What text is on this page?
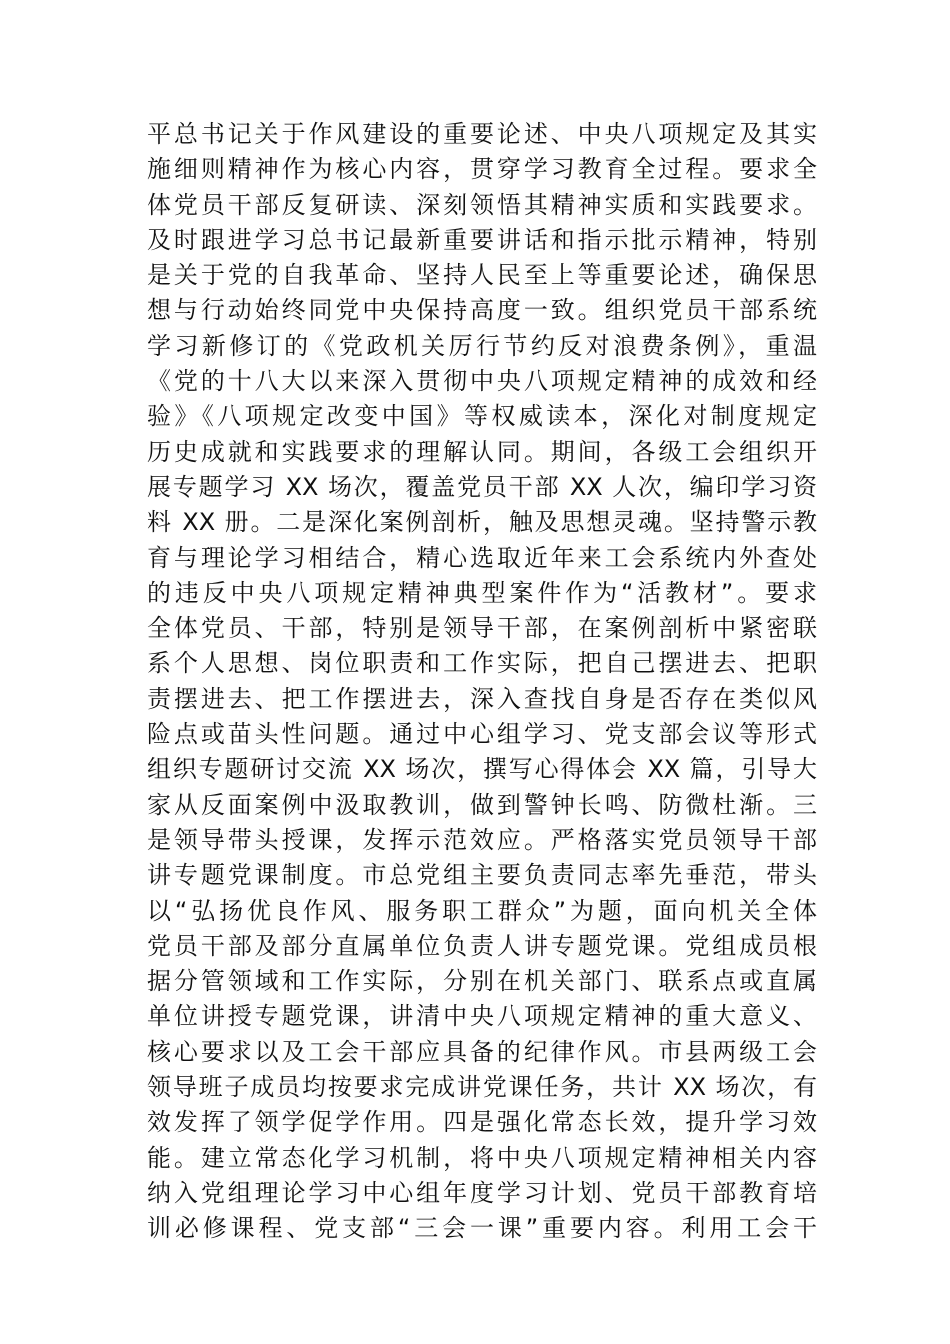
平总书记关于作风建设的重要论述、中央八项规定及其实
施细则精神作为核心内容，贯穿学习教育全过程。要求全
体党员干部反复研读、深刻领悟其精神实质和实践要求。
及时跟进学习总书记最新重要讲话和指示批示精神，特别
是关于党的自我革命、坚持人民至上等重要论述，确保思
想与行动始终同党中央保持高度一致。组织党员干部系统
学习新修订的《党政机关厉行节约反对浪费条例》，重温
《党的十八大以来深入贯彻中央八项规定精神的成效和经
验》《八项规定改变中国》等权威读本，深化对制度规定
历史成就和实践要求的理解认同。期间，各级工会组织开
展专题学习 XX 场次，覆盖党员干部 XX 人次，编印学习资
料 XX 册。二是深化案例剖析，触及思想灵魂。坚持警示教
育与理论学习相结合，精心选取近年来工会系统内外查处
的违反中央八项规定精神典型案件作为“活教材”。要求
全体党员、干部，特别是领导干部，在案例剖析中紧密联
系个人思想、岗位职责和工作实际，把自己摆进去、把职
责摆进去、把工作摆进去，深入查找自身是否存在类似风
险点或苗头性问题。通过中心组学习、党支部会议等形式
组织专题研讨交流 XX 场次，撰写心得体会 XX 篇，引导大
家从反面案例中汲取教训，做到警钟长鸣、防微杜渐。三
是领导带头授课，发挥示范效应。严格落实党员领导干部
讲专题党课制度。市总党组主要负责同志率先垂范，带头
以“弘扬优良作风、服务职工群众”为题，面向机关全体
党员干部及部分直属单位负责人讲专题党课。党组成员根
据分管领域和工作实际，分别在机关部门、联系点或直属
单位讲授专题党课，讲清中央八项规定精神的重大意义、
核心要求以及工会干部应具备的纪律作风。市县两级工会
领导班子成员均按要求完成讲党课任务，共计 XX 场次，有
效发挥了领学促学作用。四是强化常态长效，提升学习效
能。建立常态化学习机制，将中央八项规定精神相关内容
纳入党组理论学习中心组年度学习计划、党员干部教育培
训必修课程、党支部“三会一课”重要内容。利用工会干
